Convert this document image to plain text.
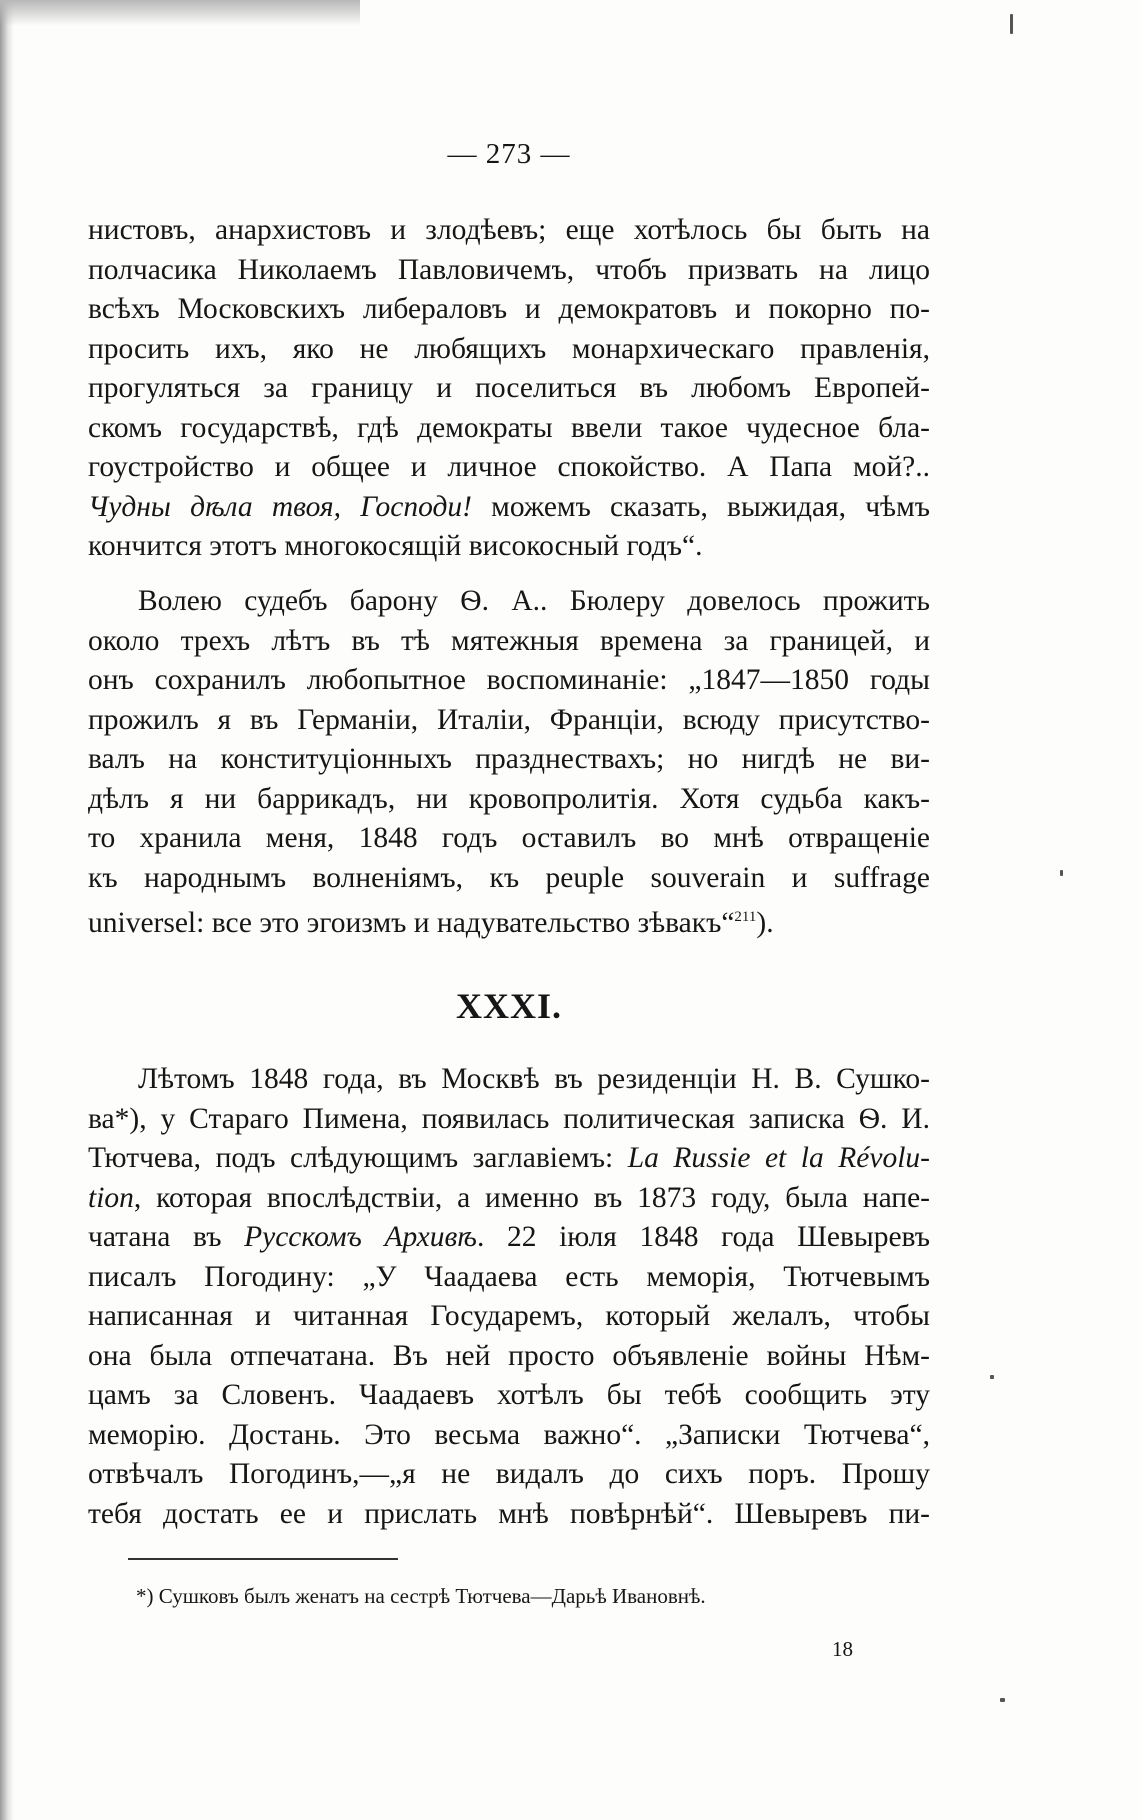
— 273 —
нистовъ, анархистовъ и злодѣевъ; еще хотѣлось бы быть на
полчасика Николаемъ Павловичемъ, чтобъ призвать на лицо
всѣхъ Московскихъ либераловъ и демократовъ и покорно по-
просить ихъ, яко не любящихъ монархическаго правленія,
прогуляться за границу и поселиться въ любомъ Европей-
скомъ государствѣ, гдѣ демократы ввели такое чудесное бла-
гоустройство и общее и личное спокойство. А Папа мой?..
Чудны дѣла твоя, Господи! можемъ сказать, выжидая, чѣмъ
кончится этотъ многокосящій високосный годъ“.
Волею судебъ барону Ѳ. А.. Бюлеру довелось прожить
около трехъ лѣтъ въ тѣ мятежныя времена за границей, и
онъ сохранилъ любопытное воспоминаніе: „1847—1850 годы
прожилъ я въ Германіи, Италіи, Франціи, всюду присутство-
валъ на конституціонныхъ празднествахъ; но нигдѣ не ви-
дѣлъ я ни баррикадъ, ни кровопролитія. Хотя судьба какъ-
то хранила меня, 1848 годъ оставилъ во мнѣ отвращеніе
къ народнымъ волненіямъ, къ peuple souverain и suffrage
universel: все это эгоизмъ и надувательство зѣвакъ“$^{211}$).
XXXI.
Лѣтомъ 1848 года, въ Москвѣ въ резиденціи Н. В. Сушко-
ва*), у Стараго Пимена, появилась политическая записка Ѳ. И.
Тютчева, подъ слѣдующимъ заглавіемъ: La Russie et la Révolu-
tion, которая впослѣдствіи, а именно въ 1873 году, была напе-
чатана въ Русскомъ Архивѣ. 22 іюля 1848 года Шевыревъ
писалъ Погодину: „У Чаадаева есть меморія, Тютчевымъ
написанная и читанная Государемъ, который желалъ, чтобы
она была отпечатана. Въ ней просто объявленіе войны Нѣм-
цамъ за Словенъ. Чаадаевъ хотѣлъ бы тебѣ сообщить эту
меморію. Достань. Это весьма важно“. „Записки Тютчева“,
отвѣчалъ Погодинъ,—„я не видалъ до сихъ поръ. Прошу
тебя достать ее и прислать мнѣ повѣрнѣй“. Шевыревъ пи-
*) Сушковъ былъ женатъ на сестрѣ Тютчева—Дарьѣ Ивановнѣ.
18
